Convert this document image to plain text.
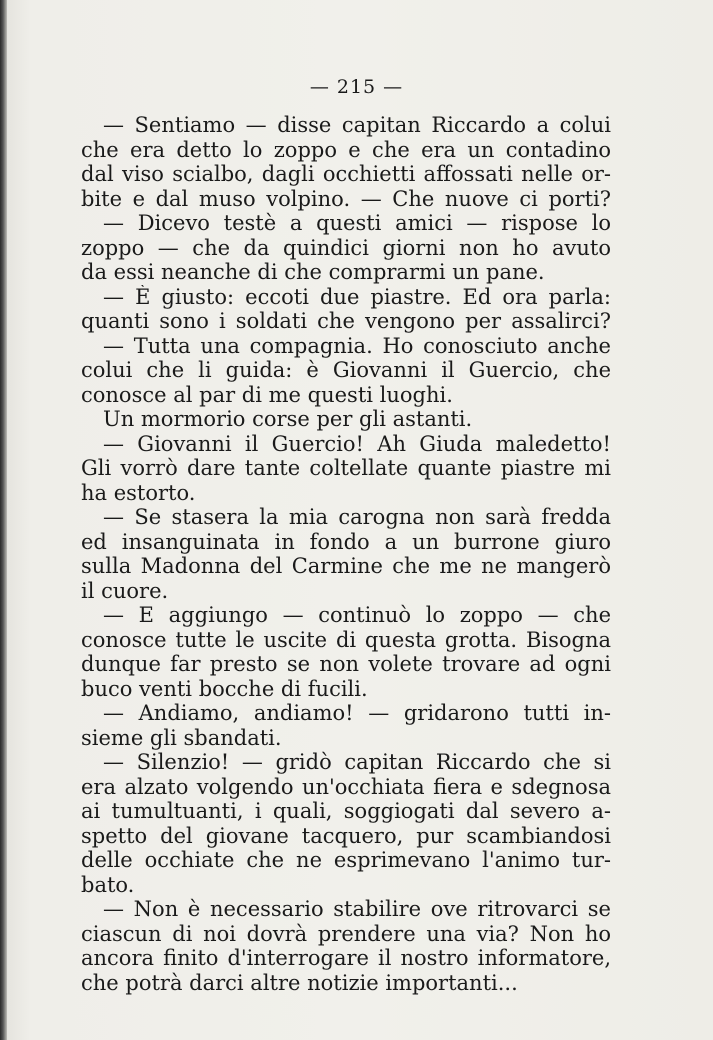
— 215 —
— Sentiamo — disse capitan Riccardo a colui
che era detto lo zoppo e che era un contadino
dal viso scialbo, dagli occhietti affossati nelle or-
bite e dal muso volpino. — Che nuove ci porti?
— Dicevo testè a questi amici — rispose lo
zoppo — che da quindici giorni non ho avuto
da essi neanche di che comprarmi un pane.
— È giusto: eccoti due piastre. Ed ora parla:
quanti sono i soldati che vengono per assalirci?
— Tutta una compagnia. Ho conosciuto anche
colui che li guida: è Giovanni il Guercio, che
conosce al par di me questi luoghi.
Un mormorio corse per gli astanti.
— Giovanni il Guercio! Ah Giuda maledetto!
Gli vorrò dare tante coltellate quante piastre mi
ha estorto.
— Se stasera la mia carogna non sarà fredda
ed insanguinata in fondo a un burrone giuro
sulla Madonna del Carmine che me ne mangerò
il cuore.
— E aggiungo — continuò lo zoppo — che
conosce tutte le uscite di questa grotta. Bisogna
dunque far presto se non volete trovare ad ogni
buco venti bocche di fucili.
— Andiamo, andiamo! — gridarono tutti in-
sieme gli sbandati.
— Silenzio! — gridò capitan Riccardo che si
era alzato volgendo un'occhiata fiera e sdegnosa
ai tumultuanti, i quali, soggiogati dal severo a-
spetto del giovane tacquero, pur scambiandosi
delle occhiate che ne esprimevano l'animo tur-
bato.
— Non è necessario stabilire ove ritrovarci se
ciascun di noi dovrà prendere una via? Non ho
ancora finito d'interrogare il nostro informatore,
che potrà darci altre notizie importanti...
